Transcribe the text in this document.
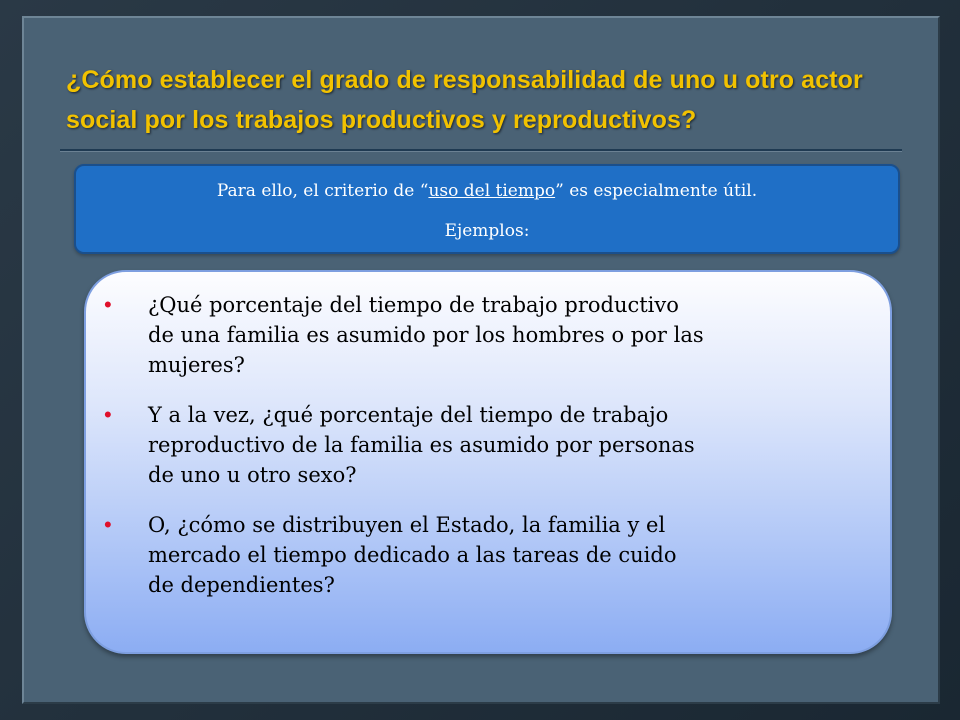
¿Cómo establecer el grado de responsabilidad de uno u otro actor social por los trabajos productivos y reproductivos?
Para ello, el criterio de “uso del tiempo” es especialmente útil.
Ejemplos:
• ¿Qué porcentaje del tiempo de trabajo productivo
de una familia es asumido por los hombres o por las
mujeres?
• Y a la vez, ¿qué porcentaje del tiempo de trabajo
reproductivo de la familia es asumido por personas
de uno u otro sexo?
• O, ¿cómo se distribuyen el Estado, la familia y el
mercado el tiempo dedicado a las tareas de cuido
de dependientes?
